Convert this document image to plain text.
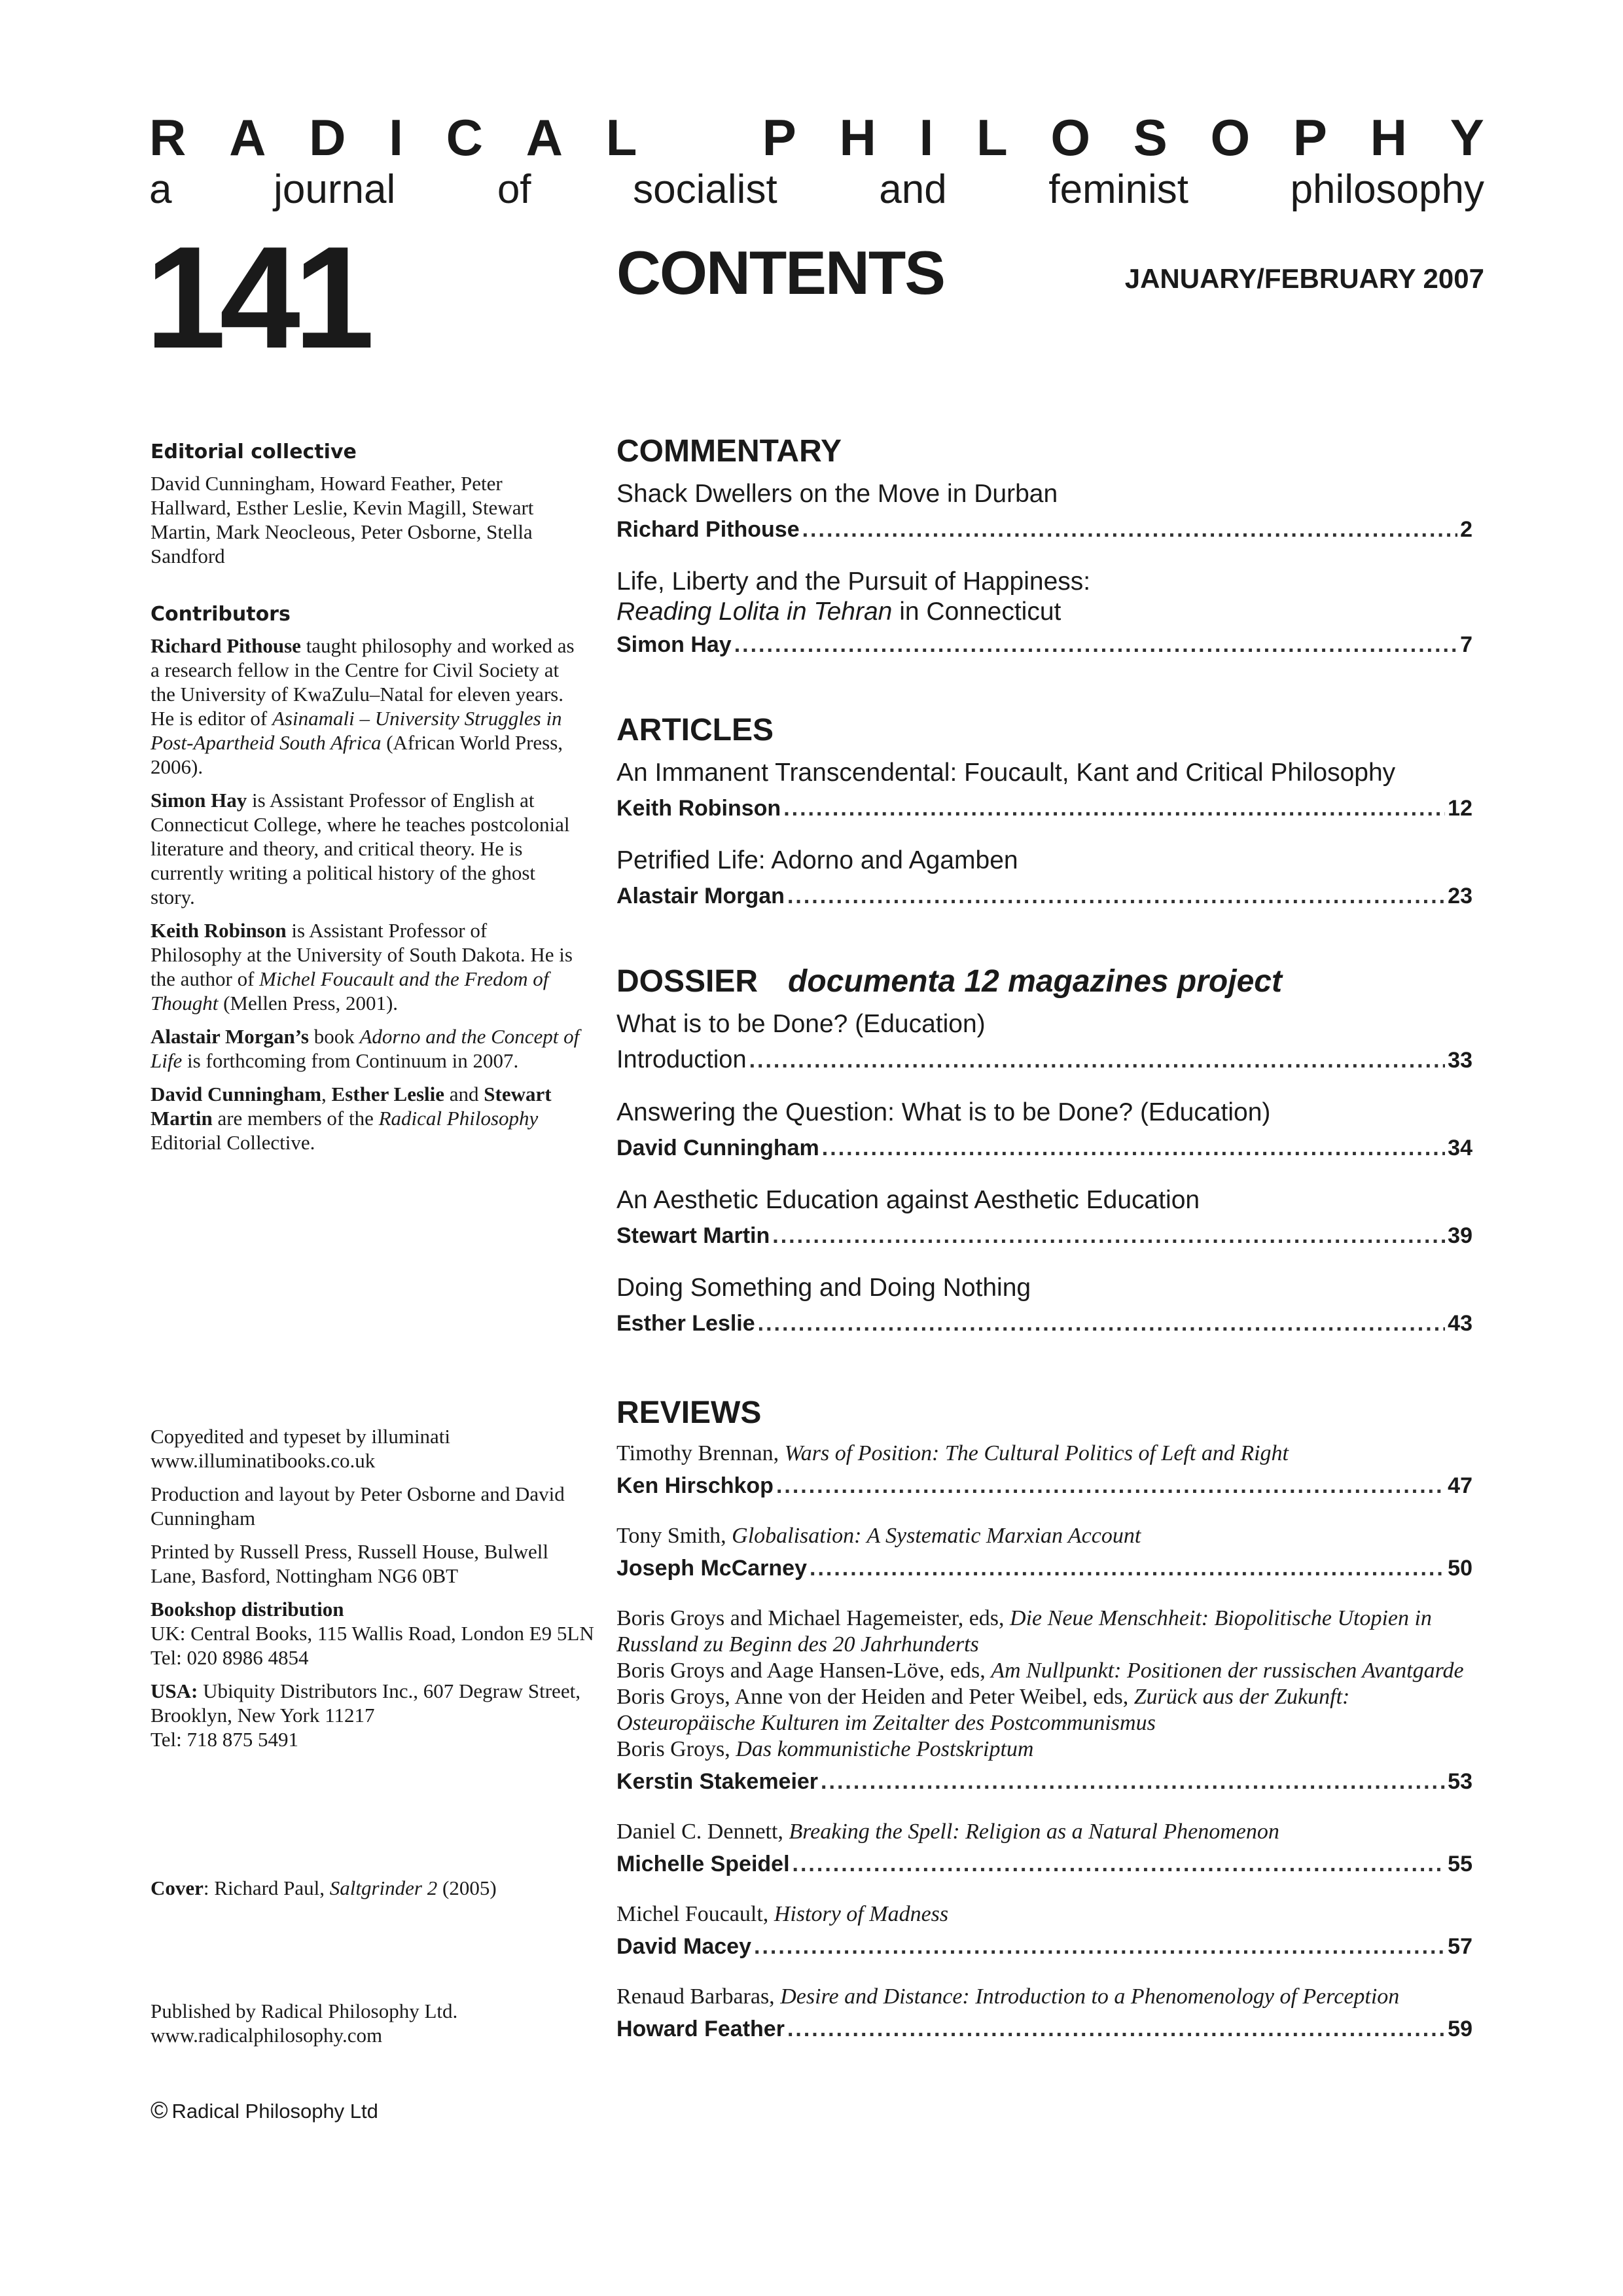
R A D I C A L P H I L O S O P H Y
a	journal	of	socialist	and	feminist	philosophy
141	CONTENTS	JANUARY/FEBRUARY 2007
Editorial collective

David Cunningham, Howard Feather, Peter Hallward, Esther Leslie, Kevin Magill, Stewart Martin, Mark Neocleous, Peter Osborne, Stella Sandford

Contributors

Richard Pithouse taught philosophy and worked as a research fellow in the Centre for Civil Society at the University of KwaZulu–Natal for eleven years. He is editor of Asinamali – University Struggles in Post-Apartheid South Africa (African World Press, 2006).

Simon Hay is Assistant Professor of English at Connecticut College, where he teaches postcolonial literature and theory, and critical theory. He is currently writing a political history of the ghost story.

Keith Robinson is Assistant Professor of Philosophy at the University of South Dakota. He is the author of Michel Foucault and the Fredom of Thought (Mellen Press, 2001).

Alastair Morgan’s book Adorno and the Concept of Life is forthcoming from Continuum in 2007.

David Cunningham, Esther Leslie and Stewart Martin are members of the Radical Philosophy Editorial Collective.

Copyedited and typeset by illuminati www.illuminatibooks.co.uk

Production and layout by Peter Osborne and David Cunningham

Printed by Russell Press, Russell House, Bulwell Lane, Basford, Nottingham NG6 0BT

Bookshop distribution
UK: Central Books, 115 Wallis Road, London E9 5LN

Tel: 020 8986 4854

USA: Ubiquity Distributors Inc., 607 Degraw Street, Brooklyn, New York 11217

Tel: 718 875 5491

Cover: Richard Paul, Saltgrinder 2 (2005)
Published by Radical Philosophy Ltd.
www.radicalphilosophy.com
© Radical Philosophy Ltd
COMMENTARY
Shack Dwellers on the Move in Durban
Richard Pithouse .....	2
Life, Liberty and the Pursuit of Happiness:
Reading Lolita in Tehran in Connecticut
Simon Hay .....	7
ARTICLES
An Immanent Transcendental: Foucault, Kant and Critical Philosophy
Keith Robinson .....	12
Petrified Life: Adorno and Agamben
Alastair Morgan .....	23
DOSSIER documenta 12 magazines project
What is to be Done? (Education)
Introduction .....	33
Answering the Question: What is to be Done? (Education)
David Cunningham .....	34
An Aesthetic Education against Aesthetic Education
Stewart Martin .....	39
Doing Something and Doing Nothing
Esther Leslie .....	43
REVIEWS
Timothy Brennan, Wars of Position: The Cultural Politics of Left and Right
Ken Hirschkop .....	47
Tony Smith, Globalisation: A Systematic Marxian Account
Joseph McCarney .....	50
Boris Groys and Michael Hagemeister, eds, Die Neue Menschheit: Biopolitische Utopien in Russland zu Beginn des 20 Jahrhunderts
Boris Groys and Aage Hansen-Löve, eds, Am Nullpunkt: Positionen der russischen Avantgarde
Boris Groys, Anne von der Heiden and Peter Weibel, eds, Zurück aus der Zukunft: Osteuropäische Kulturen im Zeitalter des Postcommunismus
Boris Groys, Das kommunistiche Postskriptum
Kerstin Stakemeier .....	53
Daniel C. Dennett, Breaking the Spell: Religion as a Natural Phenomenon
Michelle Speidel .....	55
Michel Foucault, History of Madness
David Macey .....	57
Renaud Barbaras, Desire and Distance: Introduction to a Phenomenology of Perception
Howard Feather .....	59
